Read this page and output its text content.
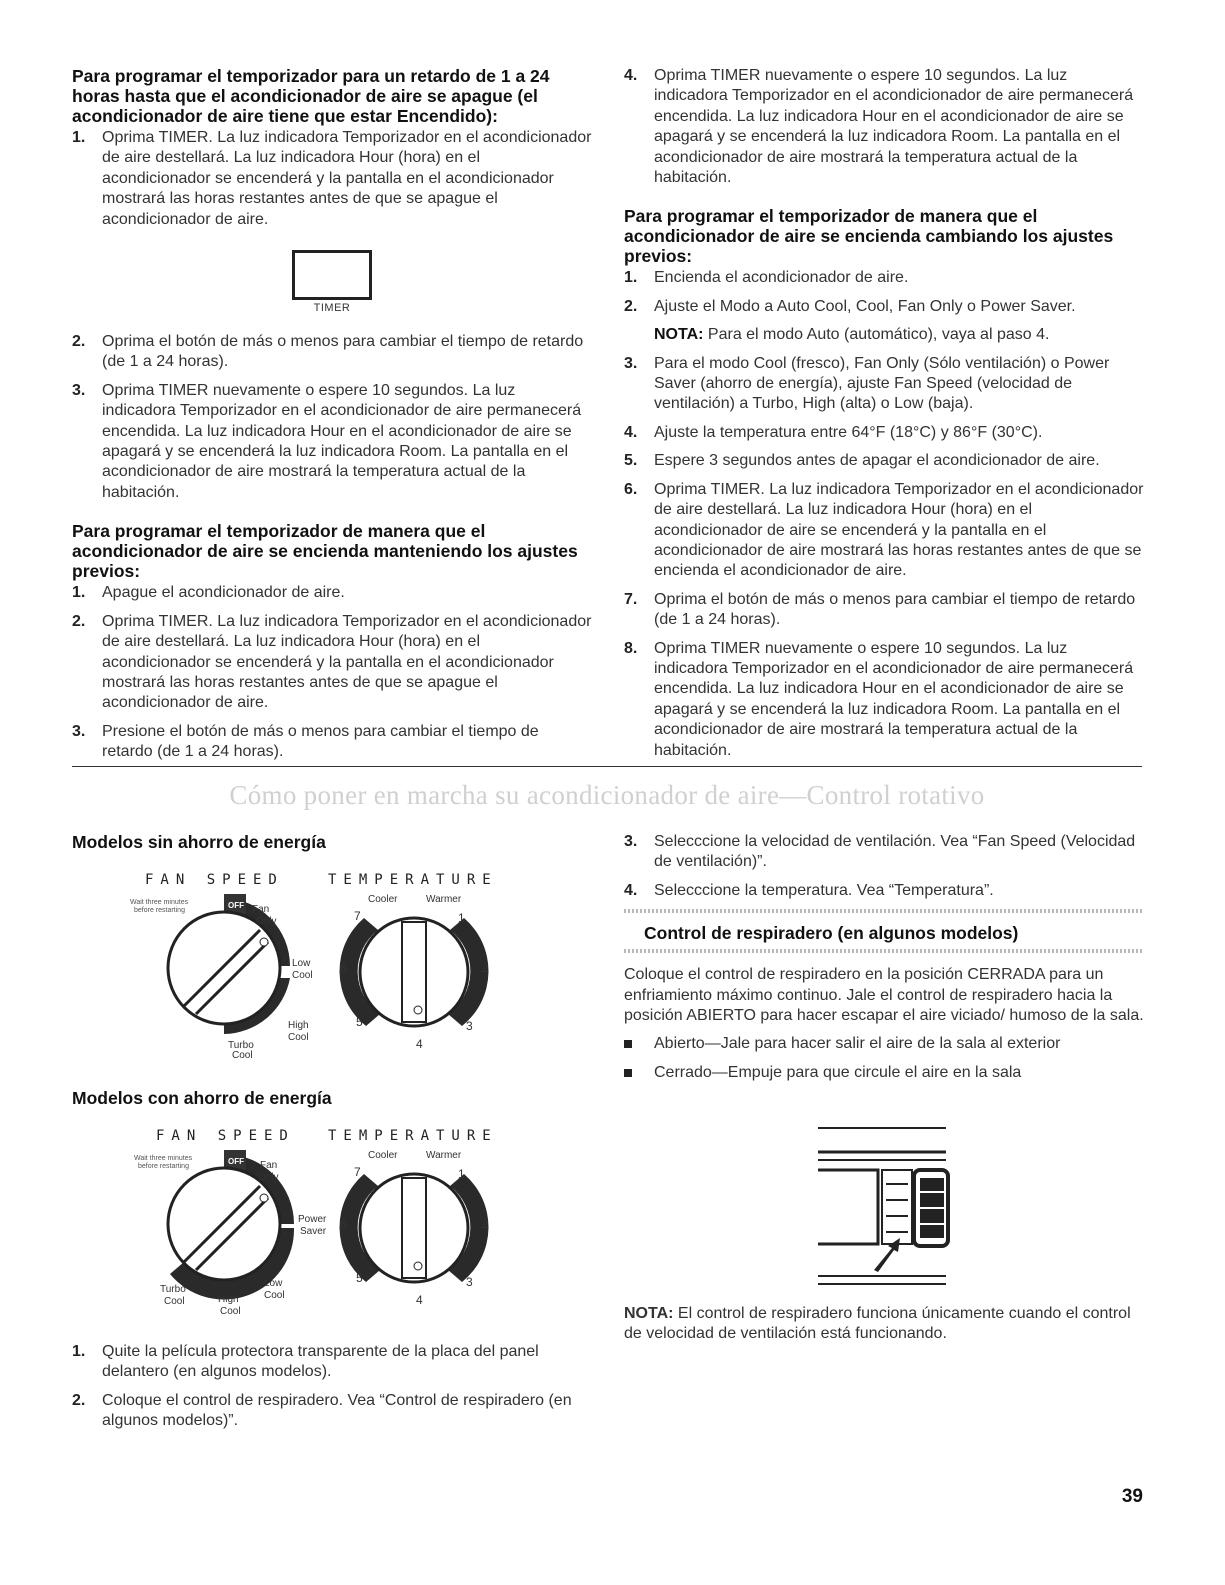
Para programar el temporizador para un retardo de 1 a 24 horas hasta que el acondicionador de aire se apague (el acondicionador de aire tiene que estar Encendido):
1. Oprima TIMER. La luz indicadora Temporizador en el acondicionador de aire destellará. La luz indicadora Hour (hora) en el acondicionador se encenderá y la pantalla en el acondicionador mostrará las horas restantes antes de que se apague el acondicionador de aire.
TIMER
2. Oprima el botón de más o menos para cambiar el tiempo de retardo (de 1 a 24 horas).
3. Oprima TIMER nuevamente o espere 10 segundos. La luz indicadora Temporizador en el acondicionador de aire permanecerá encendida. La luz indicadora Hour en el acondicionador de aire se apagará y se encenderá la luz indicadora Room. La pantalla en el acondicionador de aire mostrará la temperatura actual de la habitación.
Para programar el temporizador de manera que el acondicionador de aire se encienda manteniendo los ajustes previos:
1. Apague el acondicionador de aire.
2. Oprima TIMER. La luz indicadora Temporizador en el acondicionador de aire destellará. La luz indicadora Hour (hora) en el acondicionador se encenderá y la pantalla en el acondicionador mostrará las horas restantes antes de que se apague el acondicionador de aire.
3. Presione el botón de más o menos para cambiar el tiempo de retardo (de 1 a 24 horas).
4. Oprima TIMER nuevamente o espere 10 segundos. La luz indicadora Temporizador en el acondicionador de aire permanecerá encendida. La luz indicadora Hour en el acondicionador de aire se apagará y se encenderá la luz indicadora Room. La pantalla en el acondicionador de aire mostrará la temperatura actual de la habitación.
Para programar el temporizador de manera que el acondicionador de aire se encienda cambiando los ajustes previos:
1. Encienda el acondicionador de aire.
2. Ajuste el Modo a Auto Cool, Cool, Fan Only o Power Saver.
NOTA: Para el modo Auto (automático), vaya al paso 4.
3. Para el modo Cool (fresco), Fan Only (Sólo ventilación) o Power Saver (ahorro de energía), ajuste Fan Speed (velocidad de ventilación) a Turbo, High (alta) o Low (baja).
4. Ajuste la temperatura entre 64°F (18°C) y 86°F (30°C).
5. Espere 3 segundos antes de apagar el acondicionador de aire.
6. Oprima TIMER. La luz indicadora Temporizador en el acondicionador de aire destellará. La luz indicadora Hour (hora) en el acondicionador de aire se encenderá y la pantalla en el acondicionador de aire mostrará las horas restantes antes de que se encienda el acondicionador de aire.
7. Oprima el botón de más o menos para cambiar el tiempo de retardo (de 1 a 24 horas).
8. Oprima TIMER nuevamente o espere 10 segundos. La luz indicadora Temporizador en el acondicionador de aire permanecerá encendida. La luz indicadora Hour en el acondicionador de aire se apagará y se encenderá la luz indicadora Room. La pantalla en el acondicionador de aire mostrará la temperatura actual de la habitación.
Cómo poner en marcha su acondicionador de aire—Control rotativo
Modelos sin ahorro de energía
FAN SPEED	TEMPERATURE
Wait three minutes
before restarting
OFF Fan
Only
Low
Cool
High
Cool
Turbo
Cool
Cooler	Warmer
7	1
6	2
5	3
4
Modelos con ahorro de energía
FAN SPEED TEMPERATURE
Wait three minutes
before restarting
OFF Fan
Only
Power
Saver
Low
Cool
Turbo
Cool	High
Cool
Cooler	Warmer
7	1
6	2
5	3
4
1. Quite la película protectora transparente de la placa del panel delantero (en algunos modelos).
2. Coloque el control de respiradero. Vea “Control de respiradero (en algunos modelos)”.
3. Selecccione la velocidad de ventilación. Vea “Fan Speed (Velocidad de ventilación)”.
4. Selecccione la temperatura. Vea “Temperatura”.
Control de respiradero (en algunos modelos)

Coloque el control de respiradero en la posición CERRADA para un enfriamiento máximo continuo. Jale el control de respiradero hacia la posición ABIERTO para hacer escapar el aire viciado/ humoso de la sala.

Abierto—Jale para hacer salir el aire de la sala al exterior
Cerrado—Empuje para que circule el aire en la sala

NOTA: El control de respiradero funciona únicamente cuando el control de velocidad de ventilación está funcionando.

39
